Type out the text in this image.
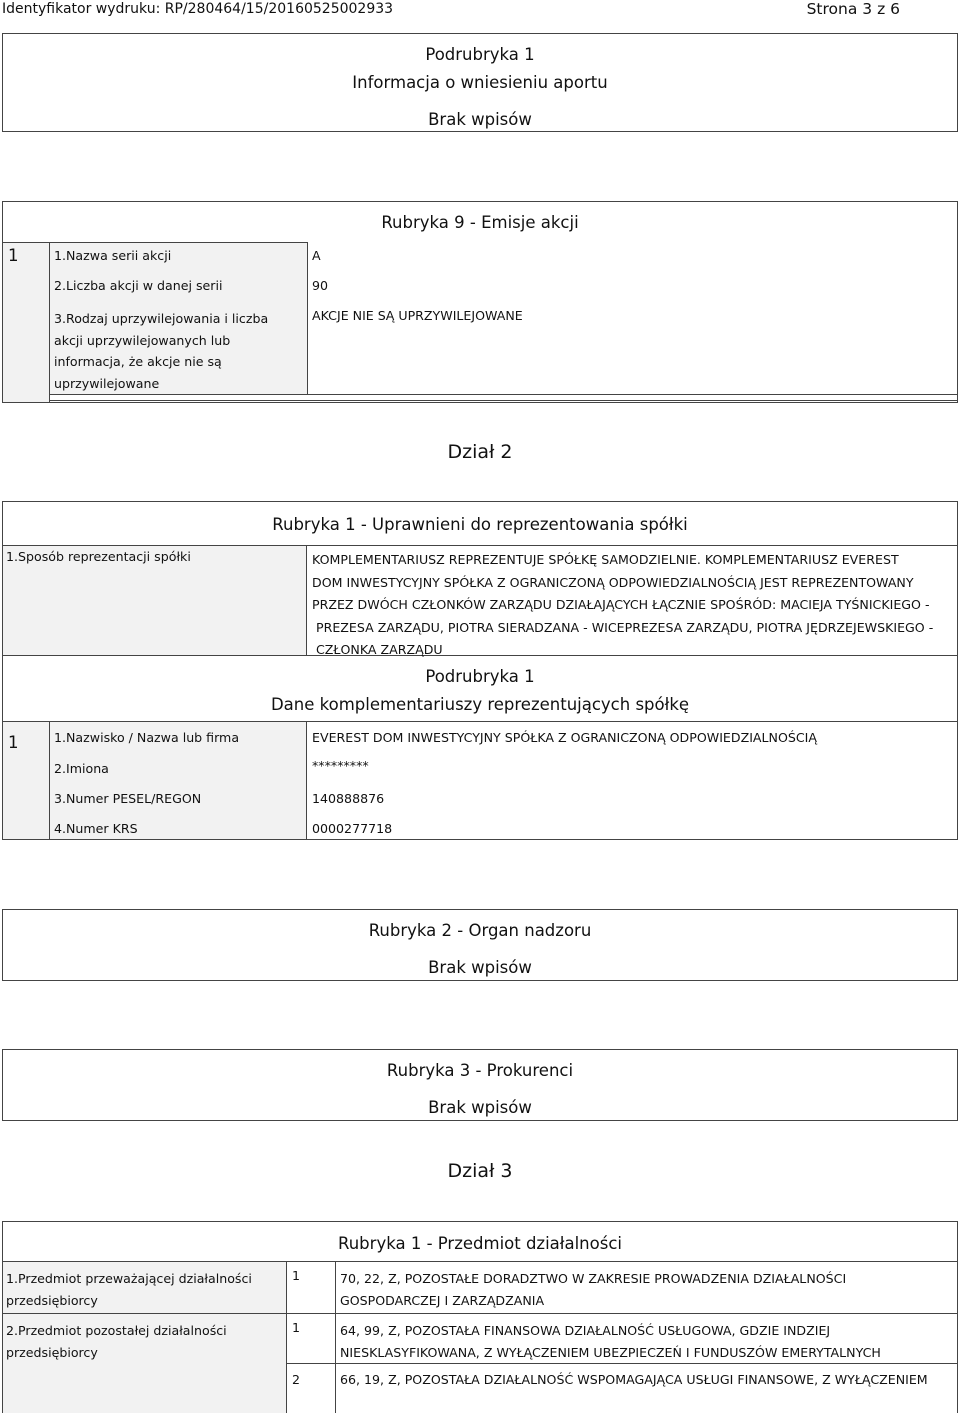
Identyfikator wydruku: RP/280464/15/20160525002933	Strona 3 z 6
Podrubryka 1
Informacja o wniesieniu aportu
Brak wpisów
Rubryka 9 - Emisje akcji
1	1.Nazwa serii akcji	A
2.Liczba akcji w danej serii	90
3.Rodzaj uprzywilejowania i liczba akcji uprzywilejowanych lub informacja, że akcje nie są uprzywilejowane
AKCJE NIE SĄ UPRZYWILEJOWANE
Dział 2
Rubryka 1 - Uprawnieni do reprezentowania spółki
1.Sposób reprezentacji spółki	KOMPLEMENTARIUSZ REPREZENTUJE SPÓŁKĘ SAMODZIELNIE. KOMPLEMENTARIUSZ EVEREST
DOM INWESTYCYJNY SPÓŁKA Z OGRANICZONĄ ODPOWIEDZIALNOŚCIĄ JEST REPREZENTOWANY
PRZEZ DWÓCH CZŁONKÓW ZARZĄDU DZIAŁAJĄCYCH ŁĄCZNIE SPOŚRÓD: MACIEJA TYŚNICKIEGO -
PREZESA ZARZĄDU, PIOTRA SIERADZANA - WICEPREZESA ZARZĄDU, PIOTRA JĘDRZEJEWSKIEGO -
CZŁONKA ZARZĄDU
Podrubryka 1
Dane komplementariuszy reprezentujących spółkę
1	1.Nazwisko / Nazwa lub firma	EVEREST DOM INWESTYCYJNY SPÓŁKA Z OGRANICZONĄ ODPOWIEDZIALNOŚCIĄ
2.Imiona	*********
3.Numer PESEL/REGON	140888876
4.Numer KRS	0000277718
Rubryka 2 - Organ nadzoru
Brak wpisów
Rubryka 3 - Prokurenci
Brak wpisów
Dział 3
Rubryka 1 - Przedmiot działalności
1.Przedmiot przeważającej działalności przedsiębiorcy
1	70, 22, Z, POZOSTAŁE DORADZTWO W ZAKRESIE PROWADZENIA DZIAŁALNOŚCI GOSPODARCZEJ I ZARZĄDZANIA
2.Przedmiot pozostałej działalności przedsiębiorcy
1	64, 99, Z, POZOSTAŁA FINANSOWA DZIAŁALNOŚĆ USŁUGOWA, GDZIE INDZIEJ NIESKLASYFIKOWANA, Z WYŁĄCZENIEM UBEZPIECZEŃ I FUNDUSZÓW EMERYTALNYCH
2	66, 19, Z, POZOSTAŁA DZIAŁALNOŚĆ WSPOMAGAJĄCA USŁUGI FINANSOWE, Z WYŁĄCZENIEM
